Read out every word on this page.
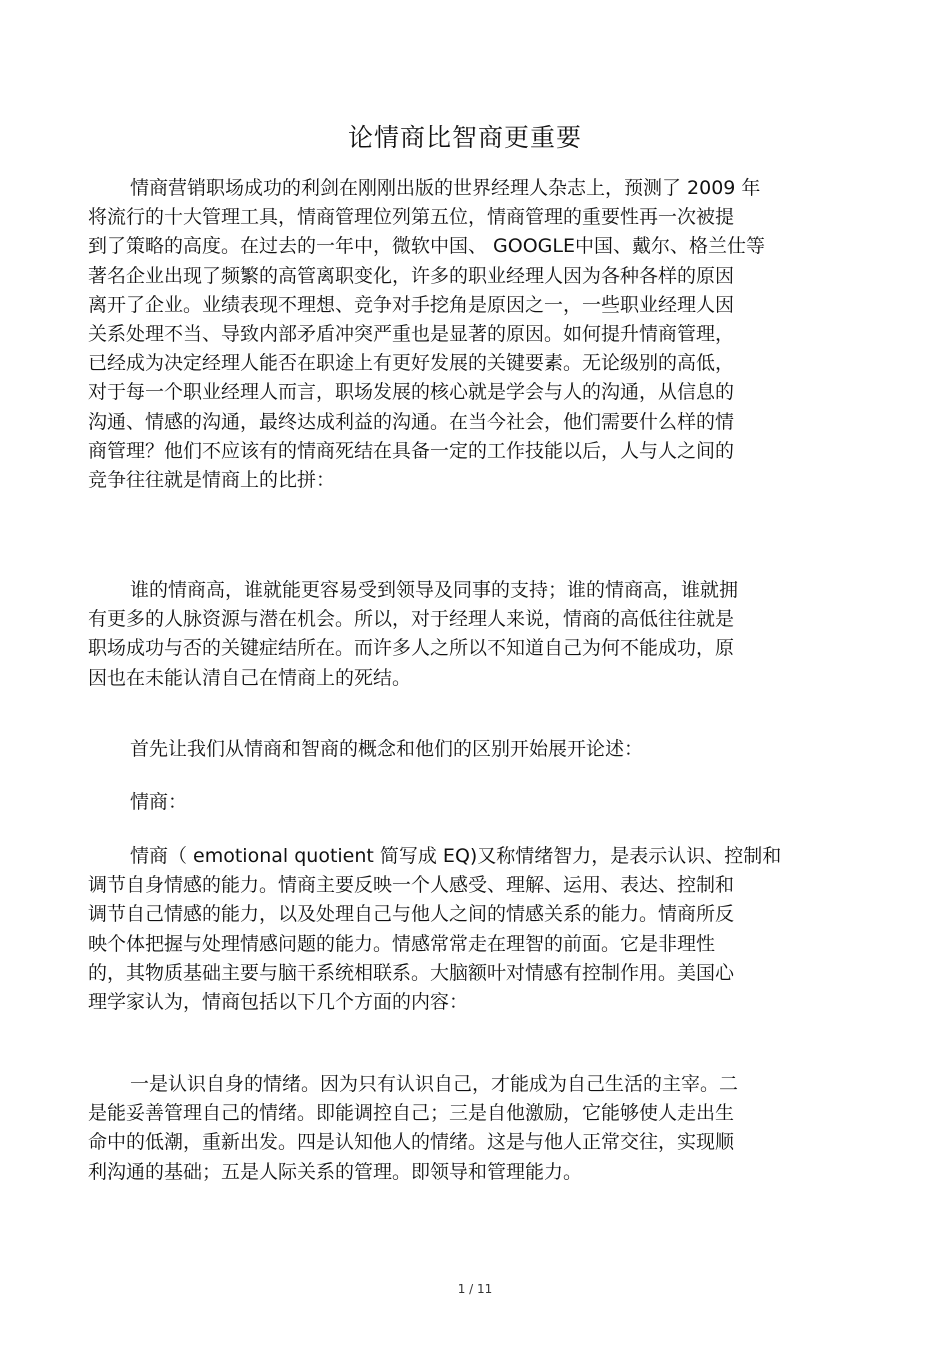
论情商比智商更重要

情商营销职场成功的利剑在刚刚出版的世界经理人杂志上，预测了 2009 年
将流行的十大管理工具，情商管理位列第五位，情商管理的重要性再一次被提
到了策略的高度。在过去的一年中，微软中国、 GOOGLE中国、戴尔、格兰仕等
著名企业出现了频繁的高管离职变化，许多的职业经理人因为各种各样的原因
离开了企业。业绩表现不理想、竞争对手挖角是原因之一，一些职业经理人因
关系处理不当、导致内部矛盾冲突严重也是显著的原因。如何提升情商管理，
已经成为决定经理人能否在职途上有更好发展的关键要素。无论级别的高低，
对于每一个职业经理人而言，职场发展的核心就是学会与人的沟通，从信息的
沟通、情感的沟通，最终达成利益的沟通。在当今社会，他们需要什么样的情
商管理？他们不应该有的情商死结在具备一定的工作技能以后，人与人之间的
竞争往往就是情商上的比拼：

谁的情商高，谁就能更容易受到领导及同事的支持；谁的情商高，谁就拥
有更多的人脉资源与潜在机会。所以，对于经理人来说，情商的高低往往就是
职场成功与否的关键症结所在。而许多人之所以不知道自己为何不能成功，原
因也在未能认清自己在情商上的死结。

首先让我们从情商和智商的概念和他们的区别开始展开论述：

情商：

情商（ emotional quotient 简写成 EQ)又称情绪智力，是表示认识、控制和
调节自身情感的能力。情商主要反映一个人感受、理解、运用、表达、控制和
调节自己情感的能力，以及处理自己与他人之间的情感关系的能力。情商所反
映个体把握与处理情感问题的能力。情感常常走在理智的前面。它是非理性
的，其物质基础主要与脑干系统相联系。大脑额叶对情感有控制作用。美国心
理学家认为，情商包括以下几个方面的内容：

一是认识自身的情绪。因为只有认识自己，才能成为自己生活的主宰。二
是能妥善管理自己的情绪。即能调控自己；三是自他激励，它能够使人走出生
命中的低潮，重新出发。四是认知他人的情绪。这是与他人正常交往，实现顺
利沟通的基础；五是人际关系的管理。即领导和管理能力。

1 / 11
